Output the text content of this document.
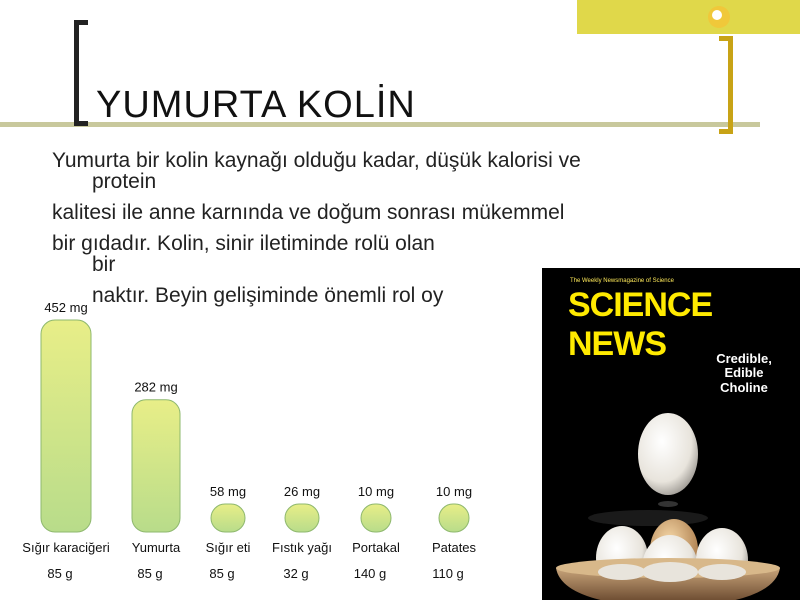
YUMURTA KOLİN

Yumurta bir kolin kaynağı olduğu kadar, düşük kalorisi ve
protein

kalitesi ile anne karnında ve doğum sonrası mükemmel

bir gıdadır. Kolin, sinir iletiminde rolü olan
bir

naktır. Beyin gelişiminde önemli rol oy

452 mg
Sığır karaciğeri
85 g
282 mg
Yumurta
85 g
58 mg
Sığır eti
85 g
26 mg
Fıstık yağı
32 g
10 mg
Portakal
140 g
10 mg
Patates
110 g
The Weekly Newsmagazine of Science
SCIENCE NEWS	Credible,
Edible
Choline
